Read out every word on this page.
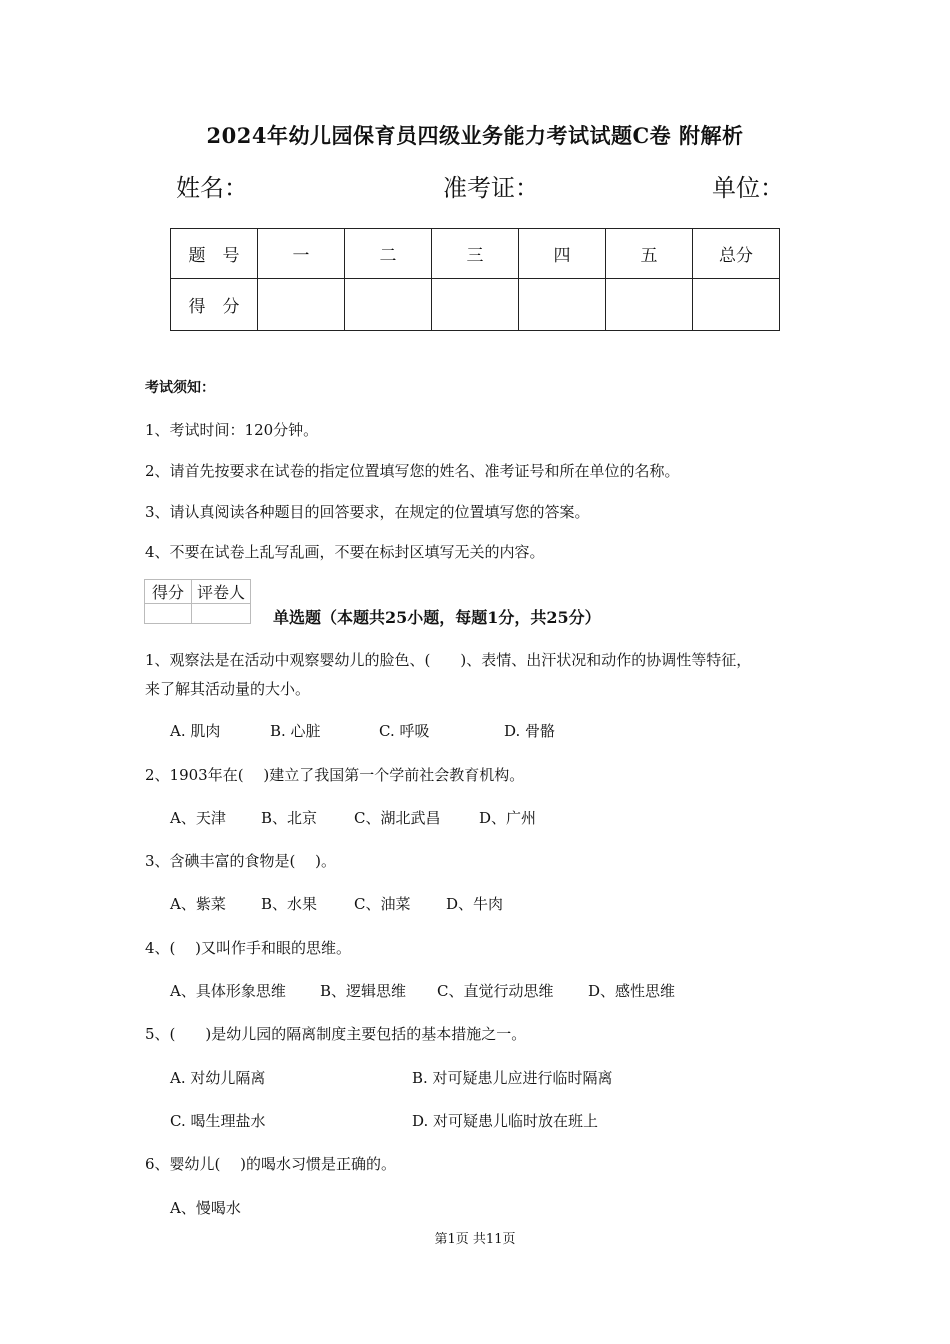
2024年幼儿园保育员四级业务能力考试试题C卷 附解析
姓名：	准考证：	单位：
题　号	一	二	三	四	五	总分
得　分						
考试须知：
1、考试时间：120分钟。
2、请首先按要求在试卷的指定位置填写您的姓名、准考证号和所在单位的名称。
3、请认真阅读各种题目的回答要求，在规定的位置填写您的答案。
4、不要在试卷上乱写乱画，不要在标封区填写无关的内容。
得分	评卷人

单选题（本题共25小题，每题1分，共25分）
1、观察法是在活动中观察婴幼儿的脸色、(　　)、表情、出汗状况和动作的协调性等特征，
来了解其活动量的大小。
A. 肌肉	B. 心脏	C. 呼吸	D. 骨骼
2、1903年在(　 )建立了我国第一个学前社会教育机构。
A、天津 B、北京 C、湖北武昌	D、广州
3、含碘丰富的食物是(　 )。
A、紫菜 B、水果 C、油菜 D、牛肉
4、(　 )又叫作手和眼的思维。
A、具体形象思维 B、逻辑思维 C、直觉行动思维 D、感性思维
5、(　　)是幼儿园的隔离制度主要包括的基本措施之一。
A. 对幼儿隔离	B. 对可疑患儿应进行临时隔离
C. 喝生理盐水	D. 对可疑患儿临时放在班上
6、婴幼儿(　 )的喝水习惯是正确的。
A、慢喝水
第1页 共11页
